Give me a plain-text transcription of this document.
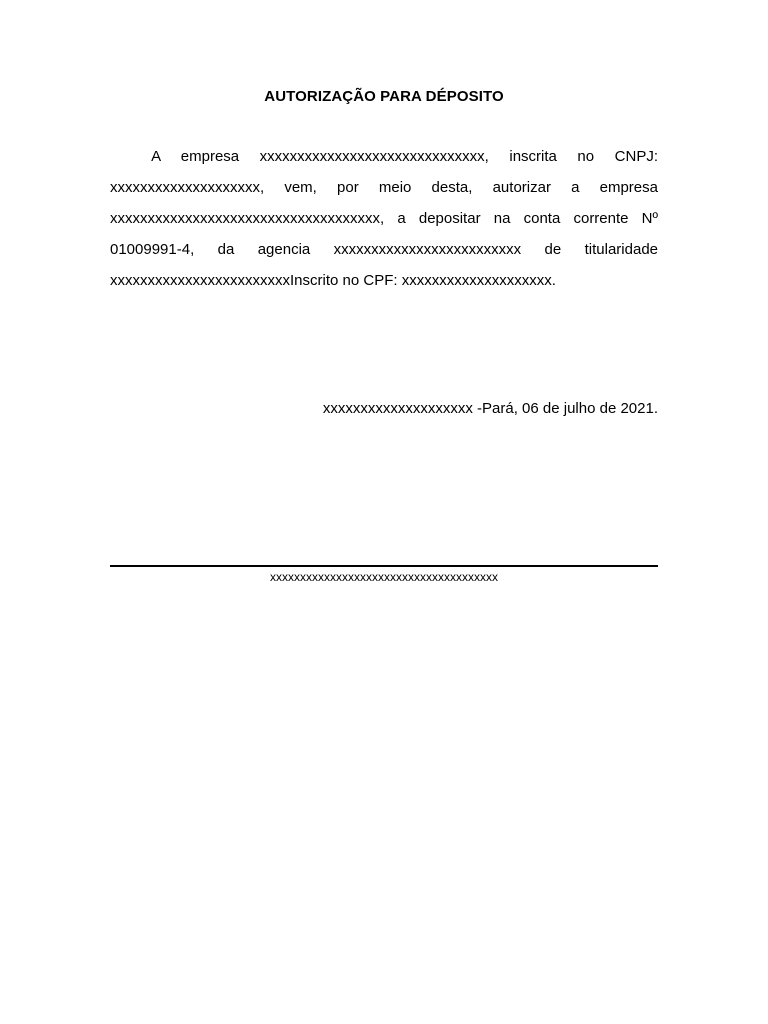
AUTORIZAÇÃO PARA DÉPOSITO
A empresa xxxxxxxxxxxxxxxxxxxxxxxxxxxxxx, inscrita no CNPJ:
xxxxxxxxxxxxxxxxxxxx, vem, por meio desta, autorizar a empresa
xxxxxxxxxxxxxxxxxxxxxxxxxxxxxxxxxxxx, a depositar na conta corrente Nº
01009991-4, da agencia xxxxxxxxxxxxxxxxxxxxxxxxx de titularidade
xxxxxxxxxxxxxxxxxxxxxxxxInscrito no CPF: xxxxxxxxxxxxxxxxxxxx.
xxxxxxxxxxxxxxxxxxxx -Pará, 06 de julho de 2021.
xxxxxxxxxxxxxxxxxxxxxxxxxxxxxxxxxxxxxx
